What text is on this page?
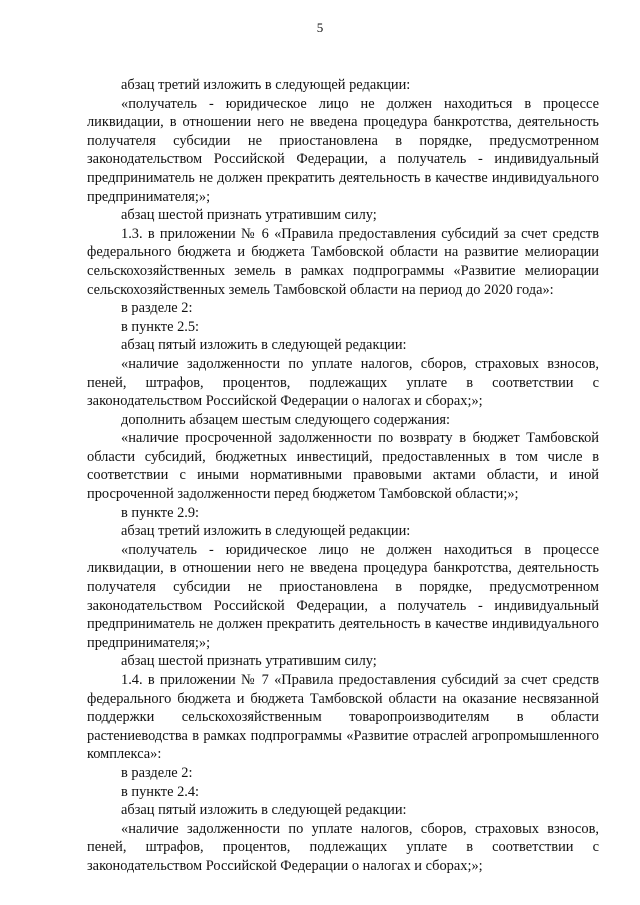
5

абзац третий изложить в следующей редакции:

«получатель - юридическое лицо не должен находиться в процессе ликвидации, в отношении него не введена процедура банкротства, деятельность получателя субсидии не приостановлена в порядке, предусмотренном законодательством Российской Федерации, а получатель - индивидуальный предприниматель не должен прекратить деятельность в качестве индивидуального предпринимателя;»;

абзац шестой признать утратившим силу;

1.3. в приложении № 6 «Правила предоставления субсидий за счет средств федерального бюджета и бюджета Тамбовской области на развитие мелиорации сельскохозяйственных земель в рамках подпрограммы «Развитие мелиорации сельскохозяйственных земель Тамбовской области на период до 2020 года»:

в разделе 2:

в пункте 2.5:

абзац пятый изложить в следующей редакции:

«наличие задолженности по уплате налогов, сборов, страховых взносов, пеней, штрафов, процентов, подлежащих уплате в соответствии с законодательством Российской Федерации о налогах и сборах;»;

дополнить абзацем шестым следующего содержания:

«наличие просроченной задолженности по возврату в бюджет Тамбовской области субсидий, бюджетных инвестиций, предоставленных в том числе в соответствии с иными нормативными правовыми актами области, и иной просроченной задолженности перед бюджетом Тамбовской области;»;

в пункте 2.9:

абзац третий изложить в следующей редакции:

«получатель - юридическое лицо не должен находиться в процессе ликвидации, в отношении него не введена процедура банкротства, деятельность получателя субсидии не приостановлена в порядке, предусмотренном законодательством Российской Федерации, а получатель - индивидуальный предприниматель не должен прекратить деятельность в качестве индивидуального предпринимателя;»;

абзац шестой признать утратившим силу;

1.4. в приложении № 7 «Правила предоставления субсидий за счет средств федерального бюджета и бюджета Тамбовской области на оказание несвязанной поддержки сельскохозяйственным товаропроизводителям в области растениеводства в рамках подпрограммы «Развитие отраслей агропромышленного комплекса»:

в разделе 2:

в пункте 2.4:

абзац пятый изложить в следующей редакции:

«наличие задолженности по уплате налогов, сборов, страховых взносов, пеней, штрафов, процентов, подлежащих уплате в соответствии с законодательством Российской Федерации о налогах и сборах;»;
